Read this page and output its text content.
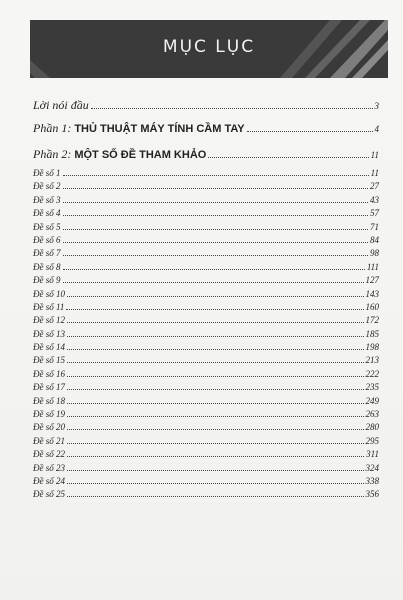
MỤC LỤC
Lời nói đầu	3
Phần 1: THỦ THUẬT MÁY TÍNH CẦM TAY	4
Phần 2: MỘT SỐ ĐỀ THAM KHẢO	11
Đề số 1	11
Đề số 2	27
Đề số 3	43
Đề số 4	57
Đề số 5	71
Đề số 6	84
Đề số 7	98
Đề số 8	111
Đề số 9	127
Đề số 10	143
Đề số 11	160
Đề số 12	172
Đề số 13	185
Đề số 14	198
Đề số 15	213
Đề số 16	222
Đề số 17	235
Đề số 18	249
Đề số 19	263
Đề số 20	280
Đề số 21	295
Đề số 22	311
Đề số 23	324
Đề số 24	338
Đề số 25	356
